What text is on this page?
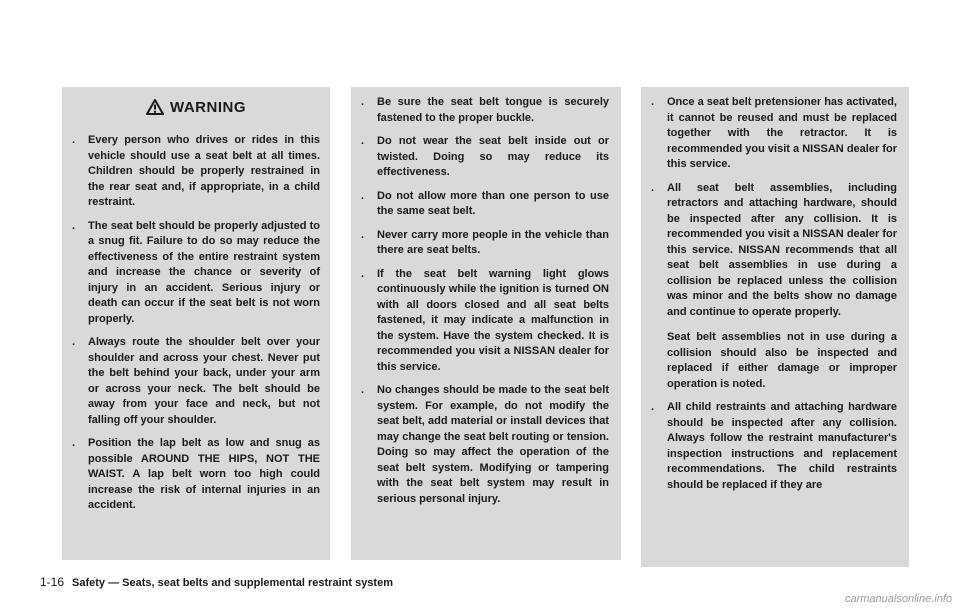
WARNING
. Every person who drives or rides in this vehicle should use a seat belt at all times. Children should be properly restrained in the rear seat and, if appropriate, in a child restraint.
. The seat belt should be properly adjusted to a snug fit. Failure to do so may reduce the effectiveness of the entire restraint system and increase the chance or severity of injury in an accident. Serious injury or death can occur if the seat belt is not worn properly.
. Always route the shoulder belt over your shoulder and across your chest. Never put the belt behind your back, under your arm or across your neck. The belt should be away from your face and neck, but not falling off your shoulder.
. Position the lap belt as low and snug as possible AROUND THE HIPS, NOT THE WAIST. A lap belt worn too high could increase the risk of internal injuries in an accident.
. Be sure the seat belt tongue is securely fastened to the proper buckle.
. Do not wear the seat belt inside out or twisted. Doing so may reduce its effectiveness.
. Do not allow more than one person to use the same seat belt.
. Never carry more people in the vehicle than there are seat belts.
. If the seat belt warning light glows continuously while the ignition is turned ON with all doors closed and all seat belts fastened, it may indicate a malfunction in the system. Have the system checked. It is recommended you visit a NISSAN dealer for this service.
. No changes should be made to the seat belt system. For example, do not modify the seat belt, add material or install devices that may change the seat belt routing or tension. Doing so may affect the operation of the seat belt system. Modifying or tampering with the seat belt system may result in serious personal injury.
. Once a seat belt pretensioner has activated, it cannot be reused and must be replaced together with the retractor. It is recommended you visit a NISSAN dealer for this service.
. All seat belt assemblies, including retractors and attaching hardware, should be inspected after any collision. It is recommended you visit a NISSAN dealer for this service. NISSAN recommends that all seat belt assemblies in use during a collision be replaced unless the collision was minor and the belts show no damage and continue to operate properly.
Seat belt assemblies not in use during a collision should also be inspected and replaced if either damage or improper operation is noted.
. All child restraints and attaching hardware should be inspected after any collision. Always follow the restraint manufacturer's inspection instructions and replacement recommendations. The child restraints should be replaced if they are
1-16 Safety — Seats, seat belts and supplemental restraint system
carmanualsonline.info
